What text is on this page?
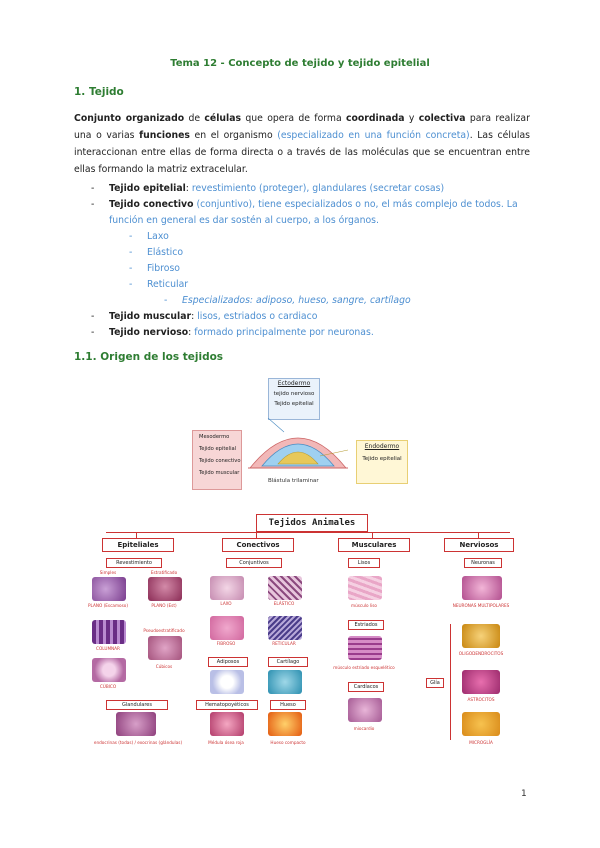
Tema 12 - Concepto de tejido y tejido epitelial
1. Tejido
Conjunto organizado de células que opera de forma coordinada y colectiva para realizar una o varias funciones en el organismo (especializado en una función concreta). Las células interaccionan entre ellas de forma directa o a través de las moléculas que se encuentran entre ellas formando la matriz extracelular.
- Tejido epitelial: revestimiento (proteger), glandulares (secretar cosas)
- Tejido conectivo (conjuntivo), tiene especializados o no, el más complejo de todos. La función en general es dar sostén al cuerpo, a los órganos.
- Laxo
- Elástico
- Fibroso
- Reticular
- Especializados: adiposo, hueso, sangre, cartílago
- Tejido muscular: lisos, estriados o cardiaco
- Tejido nervioso: formado principalmente por neuronas.
1.1. Origen de los tejidos
Ectodermo
tejido nervioso
Tejido epitelial
Mesodermo
Tejido epitelial
Tejido conectivo
Tejido muscular
Endodermo
Tejido epitelial
Blástula trilaminar
Tejidos Animales
Epiteliales	Conectivos	Musculares	Nerviosos
Revestimiento
Simples	Estratificado
PLANO (Escamoso)	PLANO (Est)
Pseudoestratificado
COLUMNAR
Cúbicos
CÚBICO
Glandulares
endocrinas (todas) / exocrinas (glándulas)
Conjuntivos
LAXO	ELÁSTICO
FIBROSO	RETICULAR
Adiposos	Cartílago
Hematopoyéticos	Hueso
Médula ósea roja	Hueso compacto
Lisos
músculo liso
Estriados
músculo estriado esquelético
Cardíacos
miocardio
Neuronas
NEURONAS MULTIPOLARES
Glía
OLIGODENDROCITOS
ASTROCITOS
MICROGLÍA
1
